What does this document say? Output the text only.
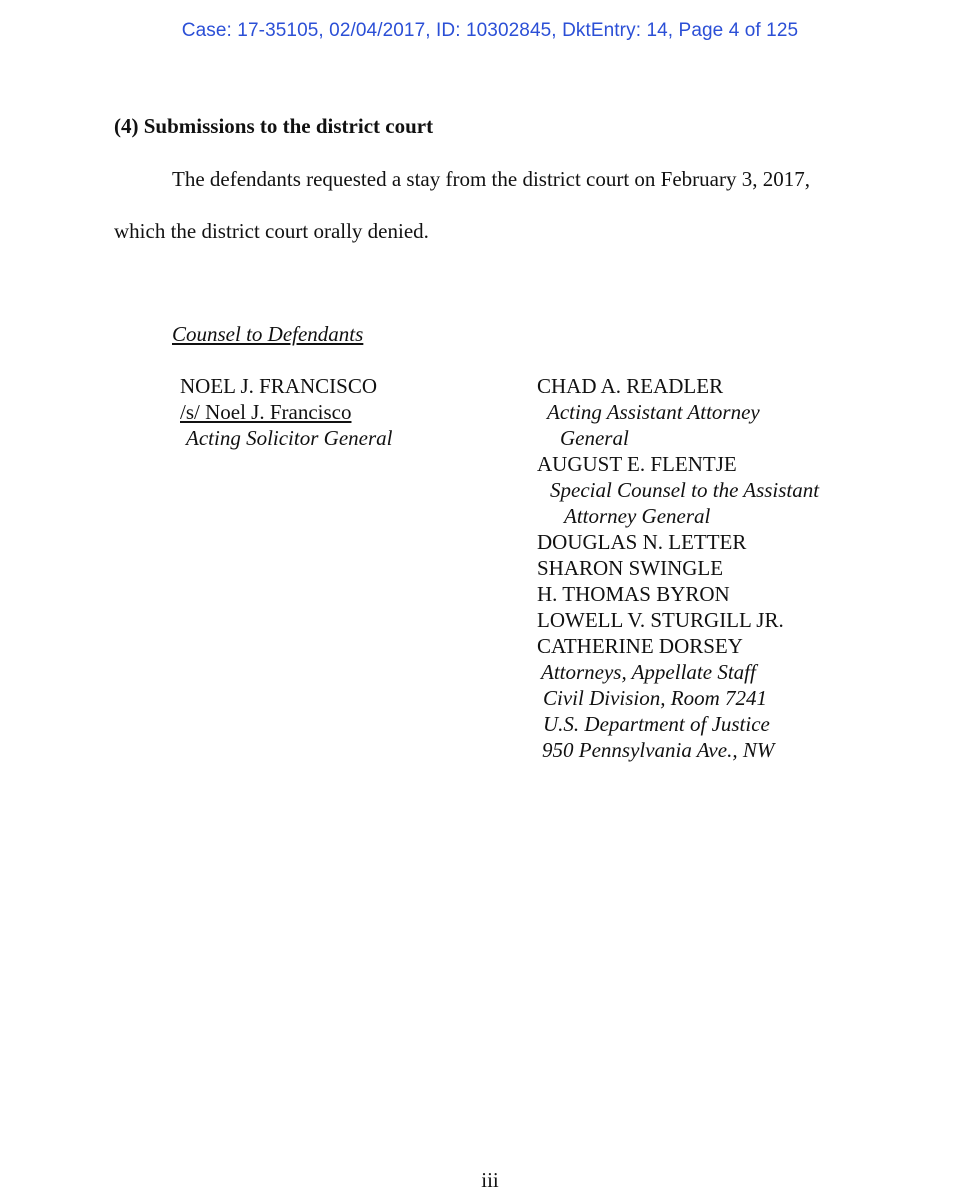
Case: 17-35105, 02/04/2017, ID: 10302845, DktEntry: 14, Page 4 of 125
(4) Submissions to the district court
The defendants requested a stay from the district court on February 3, 2017,
which the district court orally denied.
Counsel to Defendants
NOEL J. FRANCISCO
/s/ Noel J. Francisco
Acting Solicitor General
CHAD A. READLER
Acting Assistant Attorney
General
AUGUST E. FLENTJE
Special Counsel to the Assistant
Attorney General
DOUGLAS N. LETTER
SHARON SWINGLE
H. THOMAS BYRON
LOWELL V. STURGILL JR.
CATHERINE DORSEY
Attorneys, Appellate Staff
Civil Division, Room 7241
U.S. Department of Justice
950 Pennsylvania Ave., NW
iii
